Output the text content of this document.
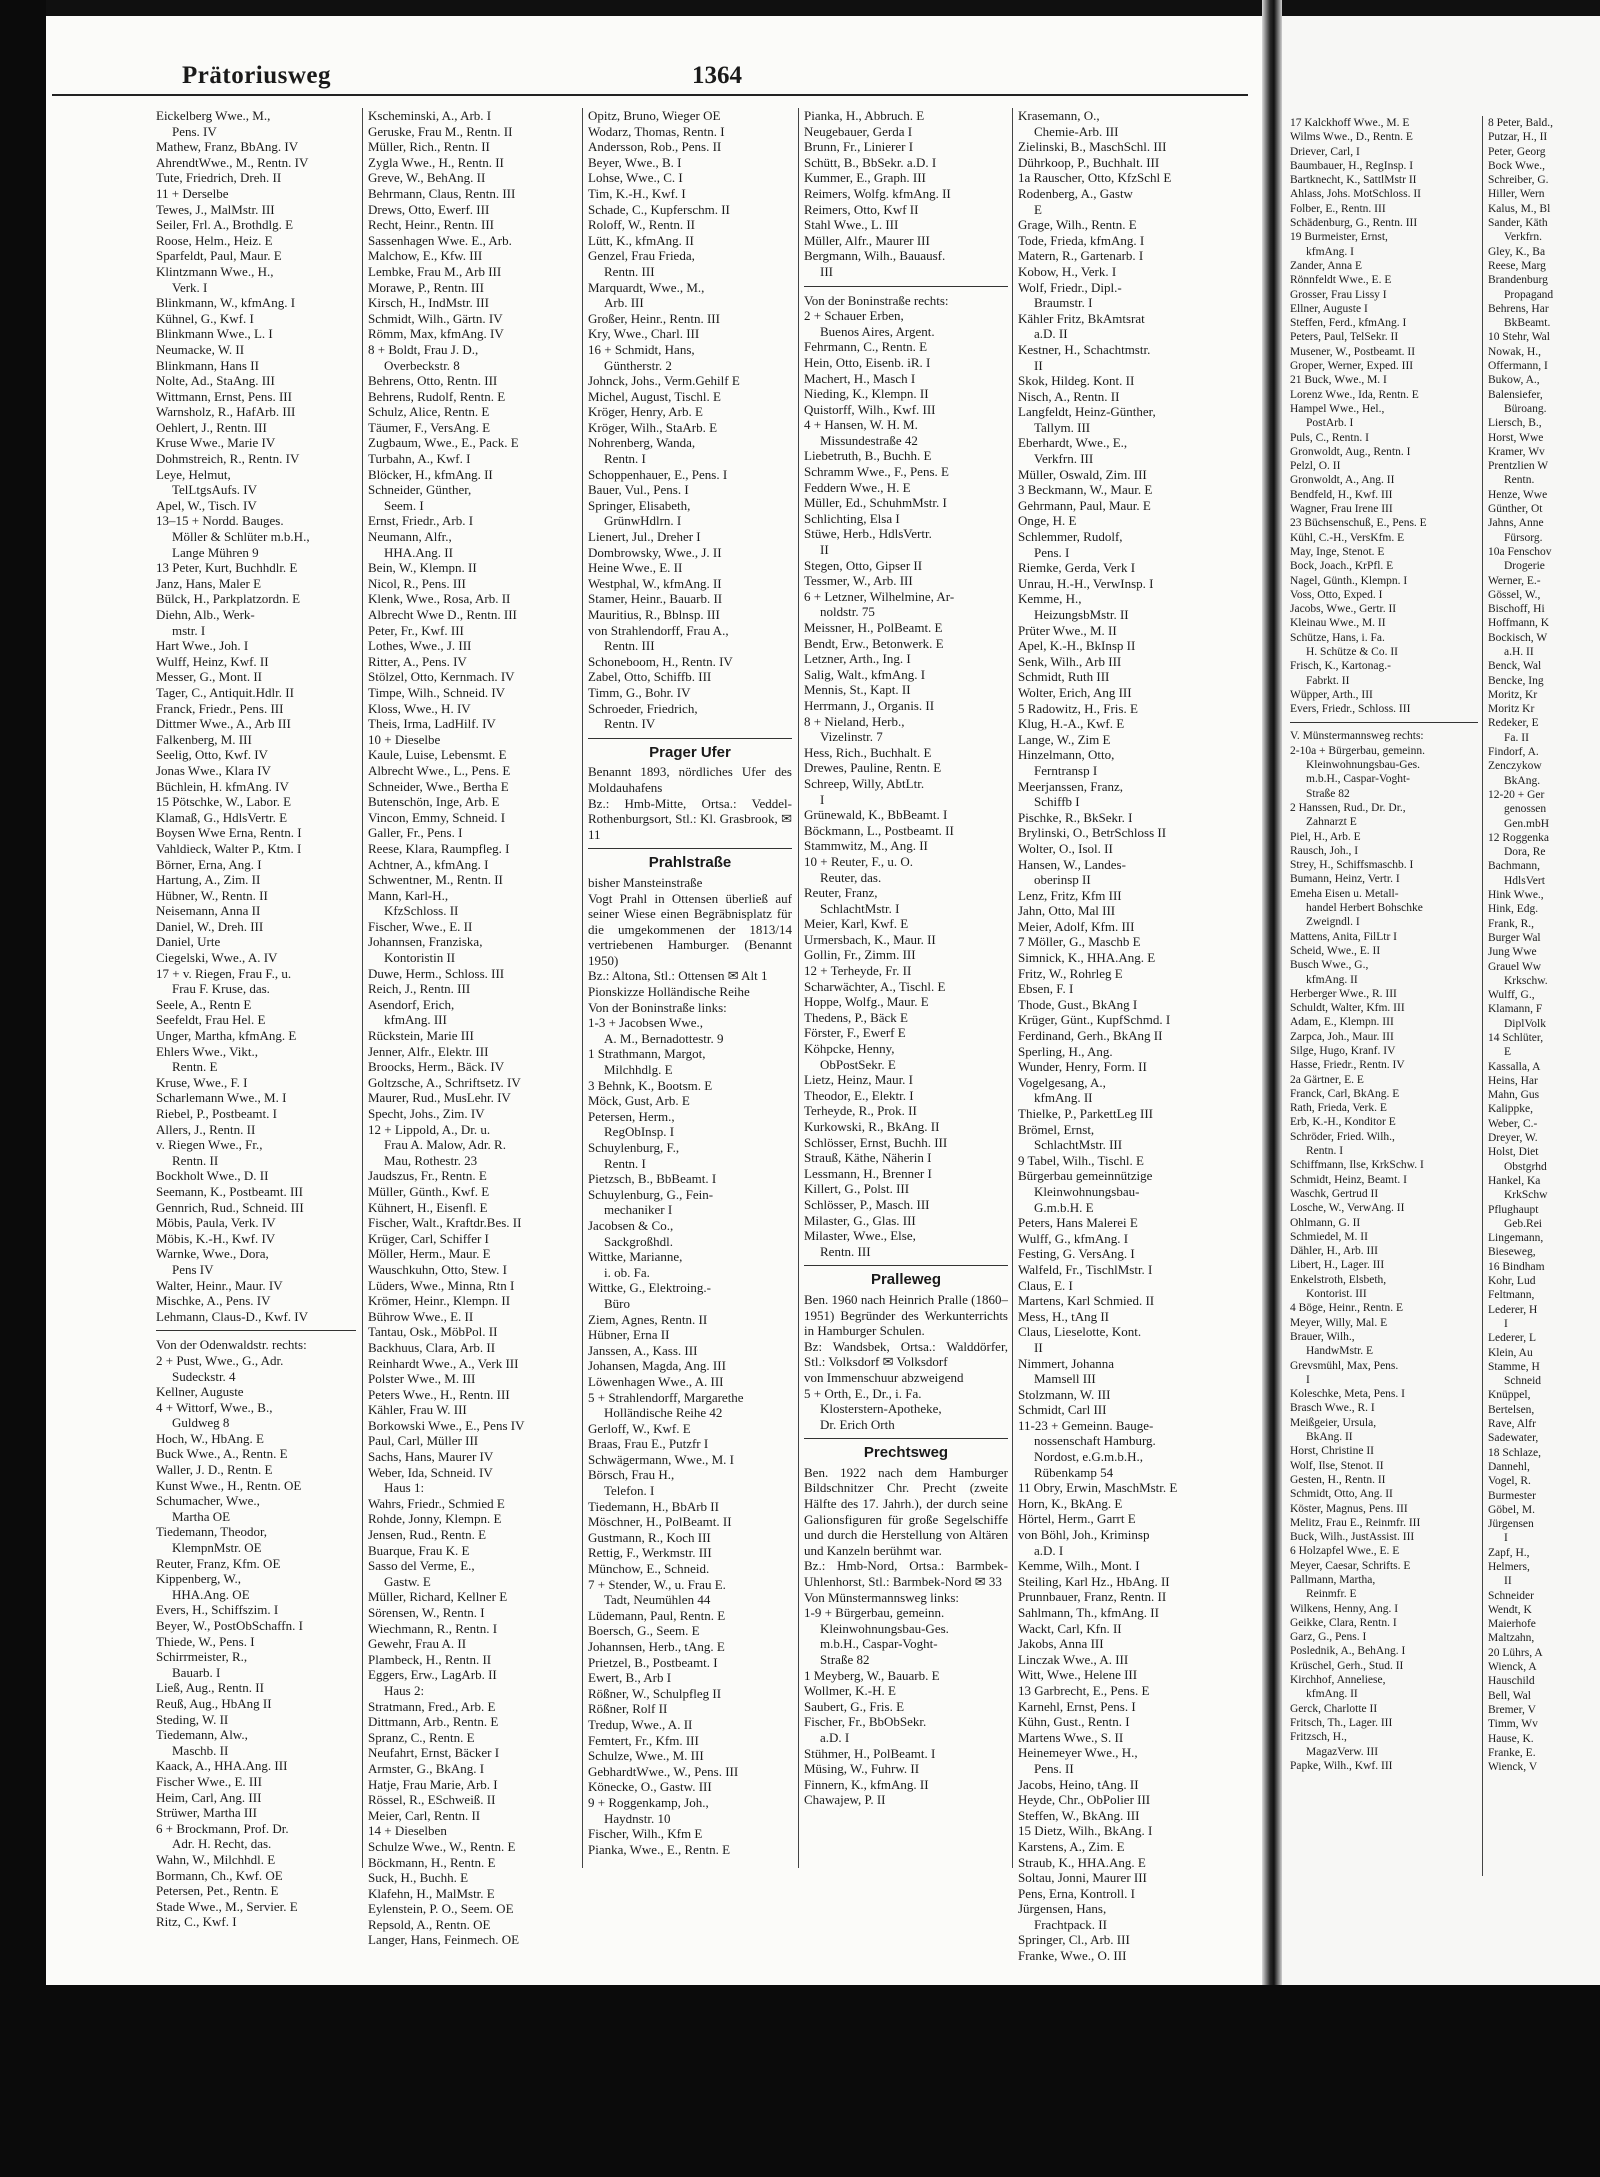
Prätoriusweg	1364
Eickelberg Wwe., M.,
Pens. IV
Mathew, Franz, BbAng. IV
AhrendtWwe., M., Rentn. IV
Tute, Friedrich, Dreh. II
11 + Derselbe
Tewes, J., MalMstr. III
Seiler, Frl. A., Brothdlg. E
Roose, Helm., Heiz. E
Sparfeldt, Paul, Maur. E
Klintzmann Wwe., H.,
Verk. I
Blinkmann, W., kfmAng. I
Kühnel, G., Kwf. I
Blinkmann Wwe., L. I
Neumacke, W. II
Blinkmann, Hans II
Nolte, Ad., StaAng. III
Wittmann, Ernst, Pens. III
Warnsholz, R., HafArb. III
Oehlert, J., Rentn. III
Kruse Wwe., Marie IV
Dohmstreich, R., Rentn. IV
Leye, Helmut,
TelLtgsAufs. IV
Apel, W., Tisch. IV
13–15 + Nordd. Bauges.
Möller & Schlüter m.b.H.,
Lange Mühren 9
13 Peter, Kurt, Buchhdlr. E
Janz, Hans, Maler E
Bülck, H., Parkplatzordn. E
Diehn, Alb., Werk-
mstr. I
Hart Wwe., Joh. I
Wulff, Heinz, Kwf. II
Messer, G., Mont. II
Tager, C., Antiquit.Hdlr. II
Franck, Friedr., Pens. III
Dittmer Wwe., A., Arb III
Falkenberg, M. III
Seelig, Otto, Kwf. IV
Jonas Wwe., Klara IV
Büchlein, H. kfmAng. IV
15 Pötschke, W., Labor. E
Klamaß, G., HdlsVertr. E
Boysen Wwe Erna, Rentn. I
Vahldieck, Walter P., Ktm. I
Börner, Erna, Ang. I
Hartung, A., Zim. II
Hübner, W., Rentn. II
Neisemann, Anna II
Daniel, W., Dreh. III
Daniel, Urte
Ciegelski, Wwe., A. IV
17 + v. Riegen, Frau F., u.
Frau F. Kruse, das.
Seele, A., Rentn E
Seefeldt, Frau Hel. E
Unger, Martha, kfmAng. E
Ehlers Wwe., Vikt.,
Rentn. E
Kruse, Wwe., F. I
Scharlemann Wwe., M. I
Riebel, P., Postbeamt. I
Allers, J., Rentn. II
v. Riegen Wwe., Fr.,
Rentn. II
Bockholt Wwe., D. II
Seemann, K., Postbeamt. III
Gennrich, Rud., Schneid. III
Möbis, Paula, Verk. IV
Möbis, K.-H., Kwf. IV
Warnke, Wwe., Dora,
Pens IV
Walter, Heinr., Maur. IV
Mischke, A., Pens. IV
Lehmann, Claus-D., Kwf. IV
Von der Odenwaldstr. rechts:
2 + Pust, Wwe., G., Adr.
Sudeckstr. 4
Kellner, Auguste
4 + Wittorf, Wwe., B.,
Guldweg 8
Hoch, W., HbAng. E
Buck Wwe., A., Rentn. E
Waller, J. D., Rentn. E
Kunst Wwe., H., Rentn. OE
Schumacher, Wwe.,
Martha OE
Tiedemann, Theodor,
KlempnMstr. OE
Reuter, Franz, Kfm. OE
Kippenberg, W.,
HHA.Ang. OE
Evers, H., Schiffszim. I
Beyer, W., PostObSchaffn. I
Thiede, W., Pens. I
Schirrmeister, R.,
Bauarb. I
Ließ, Aug., Rentn. II
Reuß, Aug., HbAng II
Steding, W. II
Tiedemann, Alw.,
Maschb. II
Kaack, A., HHA.Ang. III
Fischer Wwe., E. III
Heim, Carl, Ang. III
Strüwer, Martha III
6 + Brockmann, Prof. Dr.
Adr. H. Recht, das.
Wahn, W., Milchhdl. E
Bormann, Ch., Kwf. OE
Petersen, Pet., Rentn. E
Stade Wwe., M., Servier. E
Ritz, C., Kwf. I
Kscheminski, A., Arb. I
Geruske, Frau M., Rentn. II
Müller, Rich., Rentn. II
Zygla Wwe., H., Rentn. II
Greve, W., BehAng. II
Behrmann, Claus, Rentn. III
Drews, Otto, Ewerf. III
Recht, Heinr., Rentn. III
Sassenhagen Wwe. E., Arb.
Malchow, E., Kfw. III
Lembke, Frau M., Arb III
Morawe, P., Rentn. III
Kirsch, H., IndMstr. III
Schmidt, Wilh., Gärtn. IV
Römm, Max, kfmAng. IV
8 + Boldt, Frau J. D.,
Overbeckstr. 8
Behrens, Otto, Rentn. III
Behrens, Rudolf, Rentn. E
Schulz, Alice, Rentn. E
Täumer, F., VersAng. E
Zugbaum, Wwe., E., Pack. E
Turbahn, A., Kwf. I
Blöcker, H., kfmAng. II
Schneider, Günther,
Seem. I
Ernst, Friedr., Arb. I
Neumann, Alfr.,
HHA.Ang. II
Bein, W., Klempn. II
Nicol, R., Pens. III
Klenk, Wwe., Rosa, Arb. II
Albrecht Wwe D., Rentn. III
Peter, Fr., Kwf. III
Lothes, Wwe., J. III
Ritter, A., Pens. IV
Stölzel, Otto, Kernmach. IV
Timpe, Wilh., Schneid. IV
Kloss, Wwe., H. IV
Theis, Irma, LadHilf. IV
10 + Dieselbe
Kaule, Luise, Lebensmt. E
Albrecht Wwe., L., Pens. E
Schneider, Wwe., Bertha E
Butenschön, Inge, Arb. E
Vincon, Emmy, Schneid. I
Galler, Fr., Pens. I
Reese, Klara, Raumpfleg. I
Achtner, A., kfmAng. I
Schwentner, M., Rentn. II
Mann, Karl-H.,
KfzSchloss. II
Fischer, Wwe., E. II
Johannsen, Franziska,
Kontoristin II
Duwe, Herm., Schloss. III
Reich, J., Rentn. III
Asendorf, Erich,
kfmAng. III
Rückstein, Marie III
Jenner, Alfr., Elektr. III
Broocks, Herm., Bäck. IV
Goltzsche, A., Schriftsetz. IV
Maurer, Rud., MusLehr. IV
Specht, Johs., Zim. IV
12 + Lippold, A., Dr. u.
Frau A. Malow, Adr. R.
Mau, Rothestr. 23
Jaudszus, Fr., Rentn. E
Müller, Günth., Kwf. E
Kühnert, H., Eisenfl. E
Fischer, Walt., Kraftdr.Bes. II
Krüger, Carl, Schiffer I
Möller, Herm., Maur. E
Wauschkuhn, Otto, Stew. I
Lüders, Wwe., Minna, Rtn I
Krömer, Heinr., Klempn. II
Bührow Wwe., E. II
Tantau, Osk., MöbPol. II
Backhuus, Clara, Arb. II
Reinhardt Wwe., A., Verk III
Polster Wwe., M. III
Peters Wwe., H., Rentn. III
Kähler, Frau W. III
Borkowski Wwe., E., Pens IV
Paul, Carl, Müller III
Sachs, Hans, Maurer IV
Weber, Ida, Schneid. IV
Haus 1:
Wahrs, Friedr., Schmied E
Rohde, Jonny, Klempn. E
Jensen, Rud., Rentn. E
Buarque, Frau K. E
Sasso del Verme, E.,
Gastw. E
Müller, Richard, Kellner E
Sörensen, W., Rentn. I
Wiechmann, R., Rentn. I
Gewehr, Frau A. II
Plambeck, H., Rentn. II
Eggers, Erw., LagArb. II
Haus 2:
Stratmann, Fred., Arb. E
Dittmann, Arb., Rentn. E
Spranz, C., Rentn. E
Neufahrt, Ernst, Bäcker I
Armster, G., BkAng. I
Hatje, Frau Marie, Arb. I
Rössel, R., ESchweiß. II
Meier, Carl, Rentn. II
14 + Dieselben
Schulze Wwe., W., Rentn. E
Böckmann, H., Rentn. E
Suck, H., Buchh. E
Klafehn, H., MalMstr. E
Eylenstein, P. O., Seem. OE
Repsold, A., Rentn. OE
Langer, Hans, Feinmech. OE
Opitz, Bruno, Wieger OE
Wodarz, Thomas, Rentn. I
Andersson, Rob., Pens. II
Beyer, Wwe., B. I
Lohse, Wwe., C. I
Tim, K.-H., Kwf. I
Schade, C., Kupferschm. II
Roloff, W., Rentn. II
Lütt, K., kfmAng. II
Genzel, Frau Frieda,
Rentn. III
Marquardt, Wwe., M.,
Arb. III
Großer, Heinr., Rentn. III
Kry, Wwe., Charl. III
16 + Schmidt, Hans,
Güntherstr. 2
Johnck, Johs., Verm.Gehilf E
Michel, August, Tischl. E
Kröger, Henry, Arb. E
Kröger, Wilh., StaArb. E
Nohrenberg, Wanda,
Rentn. I
Schoppenhauer, E., Pens. I
Bauer, Vul., Pens. I
Springer, Elisabeth,
GrünwHdlrn. I
Lienert, Jul., Dreher I
Dombrowsky, Wwe., J. II
Heine Wwe., E. II
Westphal, W., kfmAng. II
Stamer, Heinr., Bauarb. II
Mauritius, R., Bblnsp. III
von Strahlendorff, Frau A.,
Rentn. III
Schoneboom, H., Rentn. IV
Zabel, Otto, Schiffb. III
Timm, G., Bohr. IV
Schroeder, Friedrich,
Rentn. IV
Prager Ufer
Benannt 1893, nördliches Ufer des Moldauhafens
Bz.: Hmb-Mitte, Ortsa.: Veddel-Rothenburgsort, Stl.: Kl. Grasbrook, ✉11
Prahlstraße
bisher Mansteinstraße
Vogt Prahl in Ottensen überließ auf seiner Wiese einen Begräbnisplatz für die umgekommenen der 1813/14 vertriebenen Hamburger. (Benannt 1950)
Bz.: Altona, Stl.: Ottensen ✉ Alt 1
Pionskizze Holländische Reihe
Von der Boninstraße links:
1-3 + Jacobsen Wwe.,
A. M., Bernadottestr. 9
1 Strathmann, Margot,
Milchhdlg. E
3 Behnk, K., Bootsm. E
Möck, Gust, Arb. E
Petersen, Herm.,
RegObInsp. I
Schuylenburg, F.,
Rentn. I
Pietzsch, B., BbBeamt. I
Schuylenburg, G., Fein-
mechaniker I
Jacobsen & Co.,
Sackgroßhdl.
Wittke, Marianne,
i. ob. Fa.
Wittke, G., Elektroing.-
Büro
Ziem, Agnes, Rentn. II
Hübner, Erna II
Janssen, A., Kass. III
Johansen, Magda, Ang. III
Löwenhagen Wwe., A. III
5 + Strahlendorff, Margarethe
Holländische Reihe 42
Gerloff, W., Kwf. E
Braas, Frau E., Putzfr I
Schwägermann, Wwe., M. I
Börsch, Frau H.,
Telefon. I
Tiedemann, H., BbArb II
Möschner, H., PolBeamt. II
Gustmann, R., Koch III
Rettig, F., Werkmstr. III
Münchow, E., Schneid.
7 + Stender, W., u. Frau E.
Tadt, Neumühlen 44
Lüdemann, Paul, Rentn. E
Boersch, G., Seem. E
Johannsen, Herb., tAng. E
Prietzel, B., Postbeamt. I
Ewert, B., Arb I
Rößner, W., Schulpfleg II
Rößner, Rolf II
Tredup, Wwe., A. II
Femtert, Fr., Kfm. III
Schulze, Wwe., M. III
GebhardtWwe., W., Pens. III
Könecke, O., Gastw. III
9 + Roggenkamp, Joh.,
Haydnstr. 10
Fischer, Wilh., Kfm E
Pianka, Wwe., E., Rentn. E
Pianka, H., Abbruch. E
Neugebauer, Gerda I
Brunn, Fr., Linierer I
Schütt, B., BbSekr. a.D. I
Kummer, E., Graph. III
Reimers, Wolfg. kfmAng. II
Reimers, Otto, Kwf II
Stahl Wwe., L. III
Müller, Alfr., Maurer III
Bergmann, Wilh., Bauausf.
III
Von der Boninstraße rechts:
2 + Schauer Erben,
Buenos Aires, Argent.
Fehrmann, C., Rentn. E
Hein, Otto, Eisenb. iR. I
Machert, H., Masch I
Nieding, K., Klempn. II
Quistorff, Wilh., Kwf. III
4 + Hansen, W. H. M.
Missundestraße 42
Liebetruth, B., Buchh. E
Schramm Wwe., F., Pens. E
Feddern Wwe., H. E
Müller, Ed., SchuhmMstr. I
Schlichting, Elsa I
Stüwe, Herb., HdlsVertr.
II
Stegen, Otto, Gipser II
Tessmer, W., Arb. III
6 + Letzner, Wilhelmine, Ar-
noldstr. 75
Meissner, H., PolBeamt. E
Bendt, Erw., Betonwerk. E
Letzner, Arth., Ing. I
Salig, Walt., kfmAng. I
Mennis, St., Kapt. II
Herrmann, J., Organis. II
8 + Nieland, Herb.,
Vizelinstr. 7
Hess, Rich., Buchhalt. E
Drewes, Pauline, Rentn. E
Schreep, Willy, AbtLtr.
I
Grünewald, K., BbBeamt. I
Böckmann, L., Postbeamt. II
Stammwitz, M., Ang. II
10 + Reuter, F., u. O.
Reuter, das.
Reuter, Franz,
SchlachtMstr. I
Meier, Karl, Kwf. E
Urmersbach, K., Maur. II
Gollin, Fr., Zimm. III
12 + Terheyde, Fr. II
Scharwächter, A., Tischl. E
Hoppe, Wolfg., Maur. E
Thedens, P., Bäck E
Förster, F., Ewerf E
Köhpcke, Henny,
ObPostSekr. E
Lietz, Heinz, Maur. I
Theodor, E., Elektr. I
Terheyde, R., Prok. II
Kurkowski, R., BkAng. II
Schlösser, Ernst, Buchh. III
Strauß, Käthe, Näherin I
Lessmann, H., Brenner I
Killert, G., Polst. III
Schlösser, P., Masch. III
Milaster, G., Glas. III
Milaster, Wwe., Else,
Rentn. III
Pralleweg
Ben. 1960 nach Heinrich Pralle (1860–1951) Begründer des Werkunterrichts in Hamburger Schulen.
Bz: Wandsbek, Ortsa.: Walddörfer, Stl.: Volksdorf ✉ Volksdorf
von Immenschuur abzweigend
5 + Orth, E., Dr., i. Fa.
Klosterstern-Apotheke,
Dr. Erich Orth
Prechtsweg
Ben. 1922 nach dem Hamburger Bildschnitzer Chr. Precht (zweite Hälfte des 17. Jahrh.), der durch seine Galionsfiguren für große Segelschiffe und durch die Herstellung von Altären und Kanzeln berühmt war.
Bz.: Hmb-Nord, Ortsa.: Barmbek-Uhlenhorst, Stl.: Barmbek-Nord ✉ 33
Von Münstermannsweg links:
1-9 + Bürgerbau, gemeinn.
Kleinwohnungsbau-Ges.
m.b.H., Caspar-Voght-
Straße 82
1 Meyberg, W., Bauarb. E
Wollmer, K.-H. E
Saubert, G., Fris. E
Fischer, Fr., BbObSekr.
a.D. I
Stühmer, H., PolBeamt. I
Müsing, W., Fuhrw. II
Finnern, K., kfmAng. II
Chawajew, P. II
Krasemann, O.,
Chemie-Arb. III
Zielinski, B., MaschSchl. III
Dührkoop, P., Buchhalt. III
1a Rauscher, Otto, KfzSchl E
Rodenberg, A., Gastw
E
Grage, Wilh., Rentn. E
Tode, Frieda, kfmAng. I
Matern, R., Gartenarb. I
Kobow, H., Verk. I
Wolf, Friedr., Dipl.-
Braumstr. I
Kähler Fritz, BkAmtsrat
a.D. II
Kestner, H., Schachtmstr.
II
Skok, Hildeg. Kont. II
Nisch, A., Rentn. II
Langfeldt, Heinz-Günther,
Tallym. III
Eberhardt, Wwe., E.,
Verkfrn. III
Müller, Oswald, Zim. III
3 Beckmann, W., Maur. E
Gehrmann, Paul, Maur. E
Onge, H. E
Schlemmer, Rudolf,
Pens. I
Riemke, Gerda, Verk I
Unrau, H.-H., VerwInsp. I
Kemme, H.,
HeizungsbMstr. II
Prüter Wwe., M. II
Apel, K.-H., BkInsp II
Senk, Wilh., Arb III
Schmidt, Ruth III
Wolter, Erich, Ang III
5 Radowitz, H., Fris. E
Klug, H.-A., Kwf. E
Lange, W., Zim E
Hinzelmann, Otto,
Ferntransp I
Meerjanssen, Franz,
Schiffb I
Pischke, R., BkSekr. I
Brylinski, O., BetrSchloss II
Wolter, O., Isol. II
Hansen, W., Landes-
oberinsp II
Lenz, Fritz, Kfm III
Jahn, Otto, Mal III
Meier, Adolf, Kfm. III
7 Möller, G., Maschb E
Simnick, K., HHA.Ang. E
Fritz, W., Rohrleg E
Ebsen, F. I
Thode, Gust., BkAng I
Krüger, Günt., KupfSchmd. I
Ferdinand, Gerh., BkAng II
Sperling, H., Ang.
Wunder, Henry, Form. II
Vogelgesang, A.,
kfmAng. II
Thielke, P., ParkettLeg III
Brömel, Ernst,
SchlachtMstr. III
9 Tabel, Wilh., Tischl. E
Bürgerbau gemeinnützige
Kleinwohnungsbau-
G.m.b.H. E
Peters, Hans Malerei E
Wulff, G., kfmAng. I
Festing, G. VersAng. I
Walfeld, Fr., TischlMstr. I
Claus, E. I
Martens, Karl Schmied. II
Mess, H., tAng II
Claus, Lieselotte, Kont.
II
Nimmert, Johanna
Mamsell III
Stolzmann, W. III
Schmidt, Carl III
11-23 + Gemeinn. Bauge-
nossenschaft Hamburg.
Nordost, e.G.m.b.H.,
Rübenkamp 54
11 Obry, Erwin, MaschMstr. E
Horn, K., BkAng. E
Hörtel, Herm., Garrt E
von Böhl, Joh., Kriminsp
a.D. I
Kemme, Wilh., Mont. I
Steiling, Karl Hz., HbAng. II
Prunnbauer, Franz, Rentn. II
Sahlmann, Th., kfmAng. II
Wackt, Carl, Kfn. II
Jakobs, Anna III
Linczak Wwe., A. III
Witt, Wwe., Helene III
13 Garbrecht, E., Pens. E
Karnehl, Ernst, Pens. I
Kühn, Gust., Rentn. I
Martens Wwe., S. II
Heinemeyer Wwe., H.,
Pens. II
Jacobs, Heino, tAng. II
Heyde, Chr., ObPolier III
Steffen, W., BkAng. III
15 Dietz, Wilh., BkAng. I
Karstens, A., Zim. E
Straub, K., HHA.Ang. E
Soltau, Jonni, Maurer III
Pens, Erna, Kontroll. I
Jürgensen, Hans,
Frachtpack. II
Springer, Cl., Arb. III
Franke, Wwe., O. III
17 Kalckhoff Wwe., M. E
Wilms Wwe., D., Rentn. E
Driever, Carl, I
Baumbauer, H., RegInsp. I
Bartknecht, K., SattlMstr II
Ahlass, Johs. MotSchloss. II
Folber, E., Rentn. III
Schädenburg, G., Rentn. III
19 Burmeister, Ernst,
kfmAng. I
Zander, Anna E
Rönnfeldt Wwe., E. E
Grosser, Frau Lissy I
Ellner, Auguste I
Steffen, Ferd., kfmAng. I
Peters, Paul, TelSekr. II
Musener, W., Postbeamt. II
Groper, Werner, Exped. III
21 Buck, Wwe., M. I
Lorenz Wwe., Ida, Rentn. E
Hampel Wwe., Hel.,
PostArb. I
Puls, C., Rentn. I
Gronwoldt, Aug., Rentn. I
Pelzl, O. II
Gronwoldt, A., Ang. II
Bendfeld, H., Kwf. III
Wagner, Frau Irene III
23 Büchsenschuß, E., Pens. E
Kühl, C.-H., VersKfm. E
May, Inge, Stenot. E
Bock, Joach., KrPfl. E
Nagel, Günth., Klempn. I
Voss, Otto, Exped. I
Jacobs, Wwe., Gertr. II
Kleinau Wwe., M. II
Schütze, Hans, i. Fa.
H. Schütze & Co. II
Frisch, K., Kartonag.-
Fabrkt. II
Wüpper, Arth., III
Evers, Friedr., Schloss. III
V. Münstermannsweg rechts:
2-10a + Bürgerbau, gemeinn.
Kleinwohnungsbau-Ges.
m.b.H., Caspar-Voght-
Straße 82
2 Hanssen, Rud., Dr. Dr.,
Zahnarzt E
Piel, H., Arb. E
Rausch, Joh., I
Strey, H., Schiffsmaschb. I
Bumann, Heinz, Vertr. I
Emeha Eisen u. Metall-
handel Herbert Bohschke
Zweigndl. I
Mattens, Anita, FilLtr I
Scheid, Wwe., E. II
Busch Wwe., G.,
kfmAng. II
Herberger Wwe., R. III
Schuldt, Walter, Kfm. III
Adam, E., Klempn. III
Zarpca, Joh., Maur. III
Silge, Hugo, Kranf. IV
Hasse, Friedr., Rentn. IV
2a Gärtner, E. E
Franck, Carl, BkAng. E
Rath, Frieda, Verk. E
Erb, K.-H., Konditor E
Schröder, Fried. Wilh.,
Rentn. I
Schiffmann, Ilse, KrkSchw. I
Schmidt, Heinz, Beamt. I
Waschk, Gertrud II
Losche, W., VerwAng. II
Ohlmann, G. II
Schmiedel, M. II
Dähler, H., Arb. III
Libert, H., Lager. III
Enkelstroth, Elsbeth,
Kontorist. III
4 Böge, Heinr., Rentn. E
Meyer, Willy, Mal. E
Brauer, Wilh.,
HandwMstr. E
Grevsmühl, Max, Pens.
I
Koleschke, Meta, Pens. I
Brasch Wwe., R. I
Meißgeier, Ursula,
BkAng. II
Horst, Christine II
Wolf, Ilse, Stenot. II
Gesten, H., Rentn. II
Schmidt, Otto, Ang. II
Köster, Magnus, Pens. III
Melitz, Frau E., Reinmfr. III
Buck, Wilh., JustAssist. III
6 Holzapfel Wwe., E. E
Meyer, Caesar, Schrifts. E
Pallmann, Martha,
Reinmfr. E
Wilkens, Henny, Ang. I
Geikke, Clara, Rentn. I
Garz, G., Pens. I
Poslednik, A., BehAng. I
Krüschel, Gerh., Stud. II
Kirchhof, Anneliese,
kfmAng. II
Gerck, Charlotte II
Fritsch, Th., Lager. III
Fritzsch, H.,
MagazVerw. III
Papke, Wilh., Kwf. III
8 Peter, Bald.,
Putzar, H., II
Peter, Georg
Bock Wwe.,
Schreiber, G.
Hiller, Wern
Kalus, M., Bl
Sander, Käth
Verkfrn.
Gley, K., Ba
Reese, Marg
Brandenburg
Propagand
Behrens, Har
BkBeamt.
10 Stehr, Wal
Nowak, H.,
Offermann, I
Bukow, A.,
Balensiefer,
Büroang.
Liersch, B.,
Horst, Wwe
Kramer, Wv
Prentzlien W
Rentn.
Henze, Wwe
Günther, Ot
Jahns, Anne
Fürsorg.
10a Fenschov
Drogerie
Werner, E.-
Gössel, W.,
Bischoff, Hi
Hoffmann, K
Bockisch, W
a.H. II
Benck, Wal
Bencke, Ing
Moritz, Kr
Moritz Kr
Redeker, E
Fa. II
Findorf, A.
Zenczykow
BkAng.
12-20 + Ger
genossen
Gen.mbH
12 Roggenka
Dora, Re
Bachmann,
HdlsVert
Hink Wwe.,
Hink, Edg.
Frank, R.,
Burger Wal
Jung Wwe
Grauel Ww
Krkschw.
Wulff, G.,
Klamann, F
DiplVolk
14 Schlüter,
E
Kassalla, A
Heins, Har
Mahn, Gus
Kalippke,
Weber, C.-
Dreyer, W.
Holst, Diet
Obstgrhd
Hankel, Ka
KrkSchw
Pflughaupt
Geb.Rei
Lingemann,
Bieseweg,
16 Bindham
Kohr, Lud
Feltmann,
Lederer, H
I
Lederer, L
Klein, Au
Stamme, H
Schneid
Knüppel,
Bertelsen,
Rave, Alfr
Sadewater,
18 Schlaze,
Dannehl,
Vogel, R.
Burmester
Göbel, M.
Jürgensen
I
Zapf, H.,
Helmers,
II
Schneider
Wendt, K
Maierhofe
Maltzahn,
20 Lührs, A
Wienck, A
Hauschild
Bell, Wal
Bremer, V
Timm, Wv
Hause, K.
Franke, E.
Wienck, V
